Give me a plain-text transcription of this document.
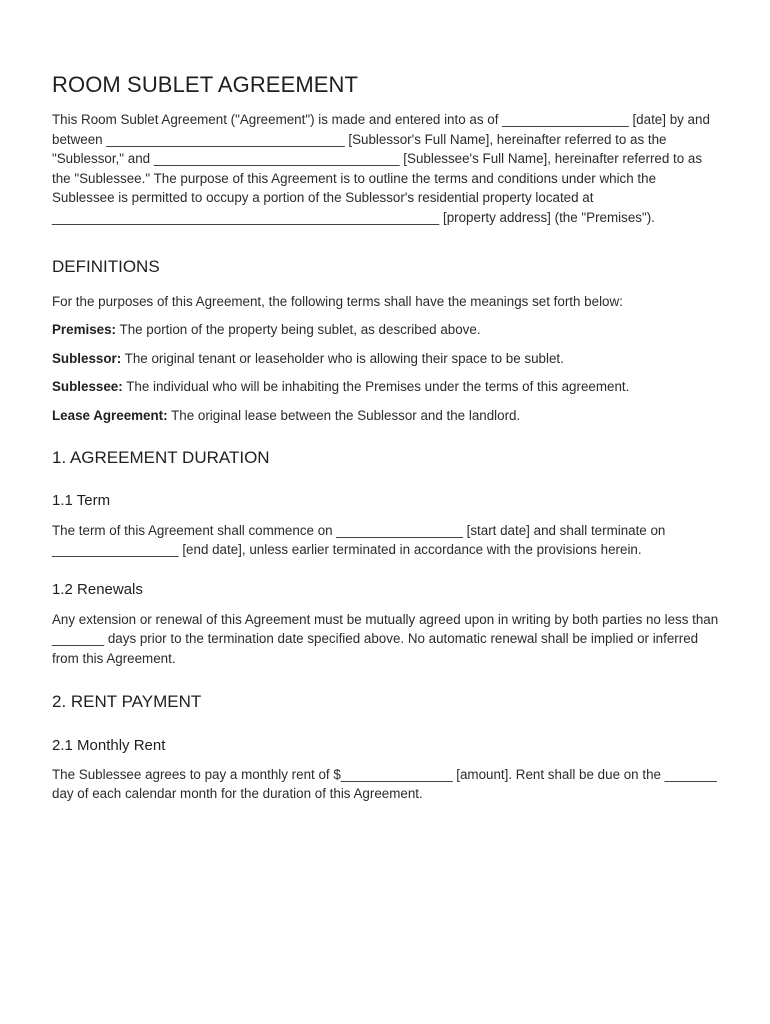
ROOM SUBLET AGREEMENT

This Room Sublet Agreement ("Agreement") is made and entered into as of _________________ [date] by and between ________________________________ [Sublessor's Full Name], hereinafter referred to as the "Sublessor," and _________________________________ [Sublessee's Full Name], hereinafter referred to as the "Sublessee." The purpose of this Agreement is to outline the terms and conditions under which the Sublessee is permitted to occupy a portion of the Sublessor's residential property located at ____________________________________________________ [property address] (the "Premises").

DEFINITIONS

For the purposes of this Agreement, the following terms shall have the meanings set forth below:

Premises: The portion of the property being sublet, as described above.

Sublessor: The original tenant or leaseholder who is allowing their space to be sublet.

Sublessee: The individual who will be inhabiting the Premises under the terms of this agreement.

Lease Agreement: The original lease between the Sublessor and the landlord.

1. AGREEMENT DURATION
1.1 Term

The term of this Agreement shall commence on _________________ [start date] and shall terminate on _________________ [end date], unless earlier terminated in accordance with the provisions herein.

1.2 Renewals

Any extension or renewal of this Agreement must be mutually agreed upon in writing by both parties no less than _______ days prior to the termination date specified above. No automatic renewal shall be implied or inferred from this Agreement.

2. RENT PAYMENT
2.1 Monthly Rent

The Sublessee agrees to pay a monthly rent of $_______________ [amount]. Rent shall be due on the _______ day of each calendar month for the duration of this Agreement.
